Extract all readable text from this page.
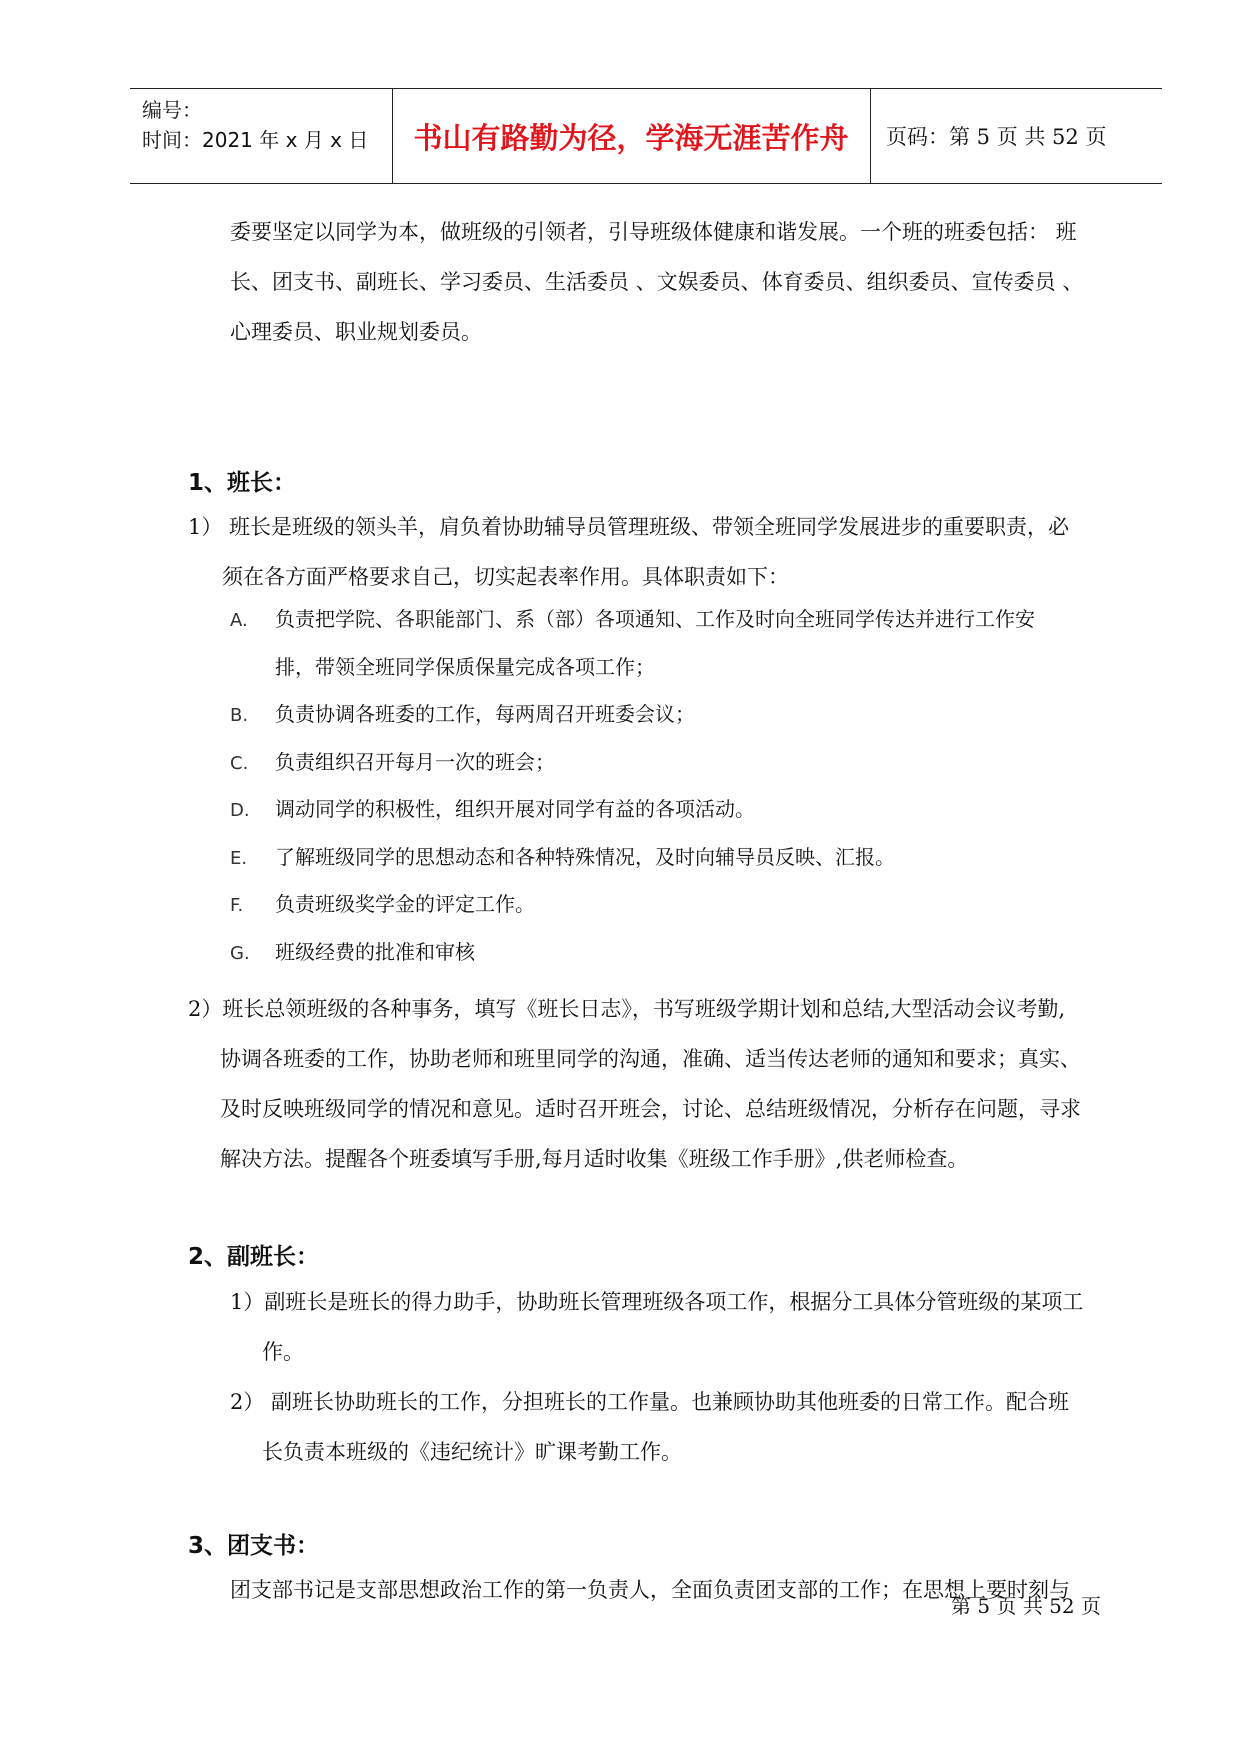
编号：
时间：2021 年 x 月 x 日	书山有路勤为径，学海无涯苦作舟	页码：第 5 页 共 52 页
委要坚定以同学为本，做班级的引领者，引导班级体健康和谐发展。一个班的班委包括： 班
长、团支书、副班长、学习委员、生活委员 、文娱委员、体育委员、组织委员、宣传委员 、
心理委员、职业规划委员。
1、班长：
1） 班长是班级的领头羊，肩负着协助辅导员管理班级、带领全班同学发展进步的重要职责，必
须在各方面严格要求自己，切实起表率作用。具体职责如下：
A. 负责把学院、各职能部门、系（部）各项通知、工作及时向全班同学传达并进行工作安
排，带领全班同学保质保量完成各项工作；
B. 负责协调各班委的工作，每两周召开班委会议；
C. 负责组织召开每月一次的班会；
D. 调动同学的积极性，组织开展对同学有益的各项活动。
E. 了解班级同学的思想动态和各种特殊情况，及时向辅导员反映、汇报。
F. 负责班级奖学金的评定工作。
G. 班级经费的批准和审核
2）班长总领班级的各种事务，填写《班长日志》，书写班级学期计划和总结,大型活动会议考勤,
协调各班委的工作，协助老师和班里同学的沟通，准确、适当传达老师的通知和要求；真实、
及时反映班级同学的情况和意见。适时召开班会，讨论、总结班级情况，分析存在问题，寻求
解决方法。提醒各个班委填写手册,每月适时收集《班级工作手册》,供老师检查。
2、副班长：
1）副班长是班长的得力助手，协助班长管理班级各项工作，根据分工具体分管班级的某项工
作。
2） 副班长协助班长的工作，分担班长的工作量。也兼顾协助其他班委的日常工作。配合班
长负责本班级的《违纪统计》旷课考勤工作。
3、团支书：
团支部书记是支部思想政治工作的第一负责人，全面负责团支部的工作；在思想上要时刻与
第 5 页 共 52 页
